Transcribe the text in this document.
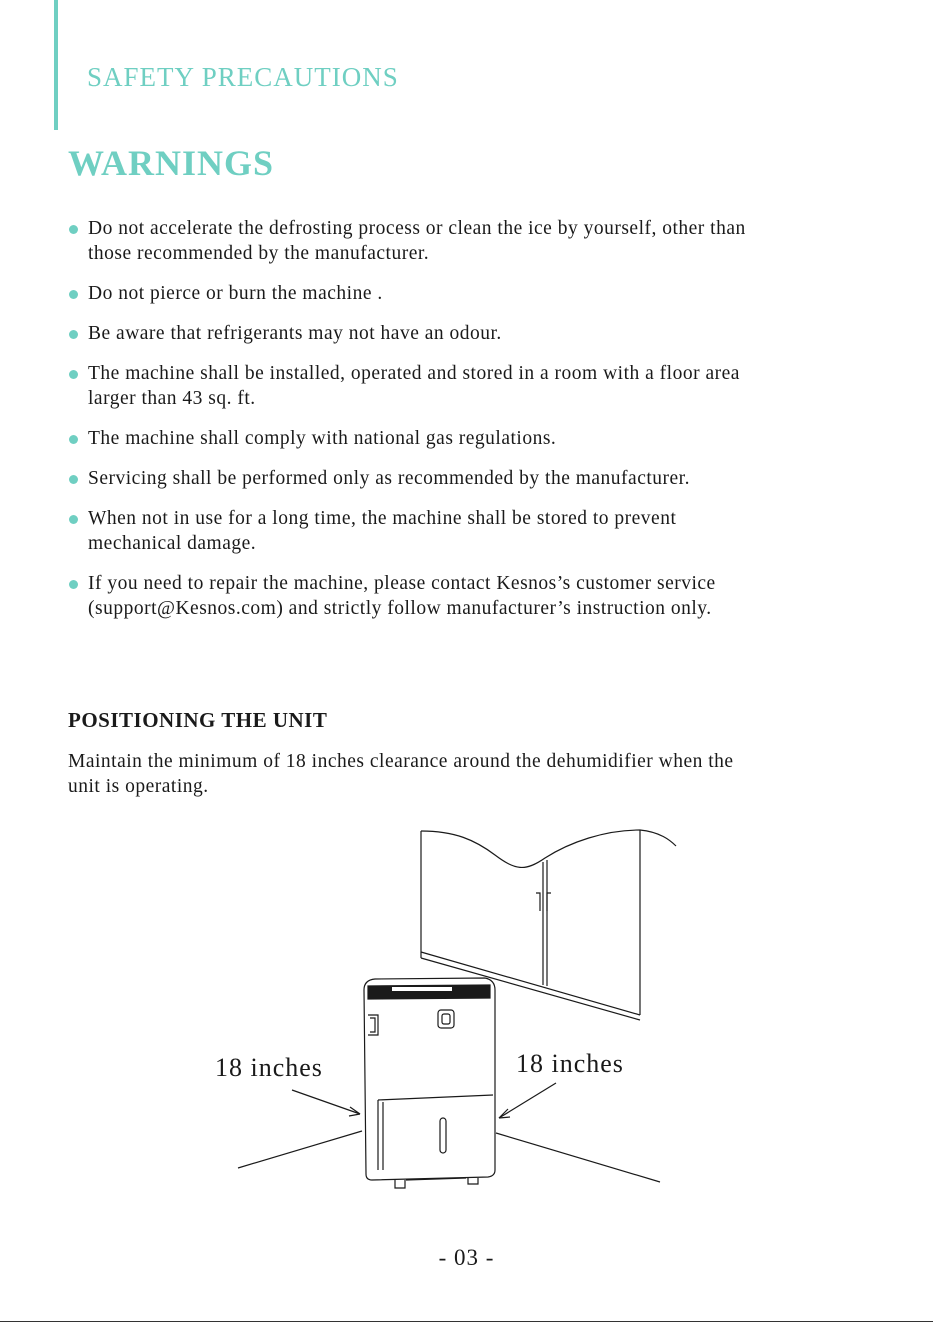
SAFETY PRECAUTIONS
WARNINGS
Do not accelerate the defrosting process or clean the ice by yourself, other than
those recommended by the manufacturer.
Do not pierce or burn the machine .
Be aware that refrigerants may not have an odour.
The machine shall be installed, operated and stored in a room with a floor area
larger than 43 sq. ft.
The machine shall comply with national gas regulations.
Servicing shall be performed only as recommended by the manufacturer.
When not in use for a long time, the machine shall be stored to prevent
mechanical damage.
If you need to repair the machine, please contact Kesnos’s customer service
(support@Kesnos.com) and strictly follow manufacturer’s instruction only.
POSITIONING THE UNIT
Maintain the minimum of 18 inches clearance around the dehumidifier when the
unit is operating.
18 inches	18 inches
- 03 -
